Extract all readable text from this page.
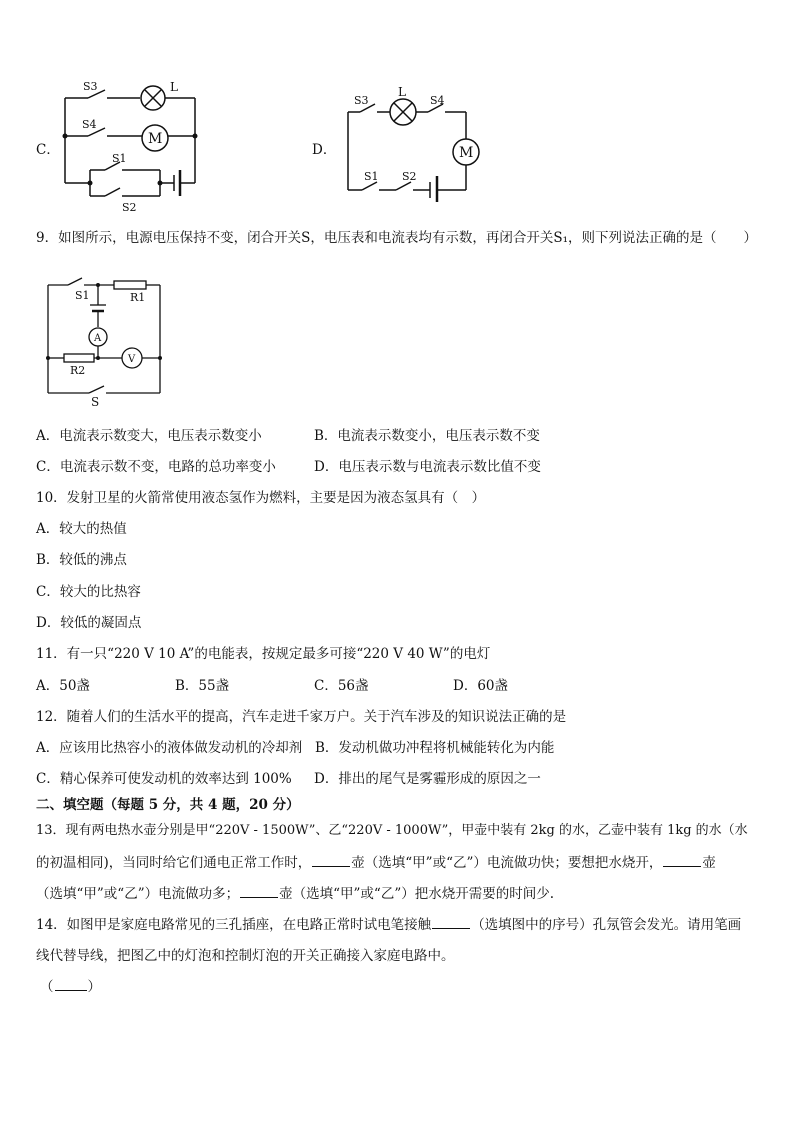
C．
S3	L
S4
M
S1
S2
D．
S3
L
S4
M
S1 S2
9．如图所示，电源电压保持不变，闭合开关S，电压表和电流表均有示数，再闭合开关S₁，则下列说法正确的是（　　）
S1	R1
A
V
R2
S
A．电流表示数变大，电压表示数变小	B．电流表示数变小，电压表示数不变
C．电流表示数不变，电路的总功率变小	D．电压表示数与电流表示数比值不变
10．发射卫星的火箭常使用液态氢作为燃料，主要是因为液态氢具有（　）
A．较大的热值
B．较低的沸点
C．较大的比热容
D．较低的凝固点
11．有一只“220 V 10 A”的电能表，按规定最多可接“220 V 40 W”的电灯
A．50盏	B．55盏	C．56盏	D．60盏
12．随着人们的生活水平的提高，汽车走进千家万户。关于汽车涉及的知识说法正确的是
A．应该用比热容小的液体做发动机的冷却剂 B．发动机做功冲程将机械能转化为内能
C．精心保养可使发动机的效率达到 100% D．排出的尾气是雾霾形成的原因之一
二、填空题（每题 5 分，共 4 题，20 分）
13．现有两电热水壶分别是甲“220V - 1500W”、乙“220V - 1000W”，甲壶中装有 2kg 的水，乙壶中装有 1kg 的水（水
的初温相同)，当同时给它们通电正常工作时，	壶（选填“甲”或“乙”）电流做功快；要想把水烧开，	壶
（选填“甲”或“乙”）电流做功多；	壶（选填“甲”或“乙”）把水烧开需要的时间少.
14．如图甲是家庭电路常见的三孔插座，在电路正常时试电笔接触	（选填图中的序号）孔氖管会发光。请用笔画
线代替导线，把图乙中的灯泡和控制灯泡的开关正确接入家庭电路中。
（	）
